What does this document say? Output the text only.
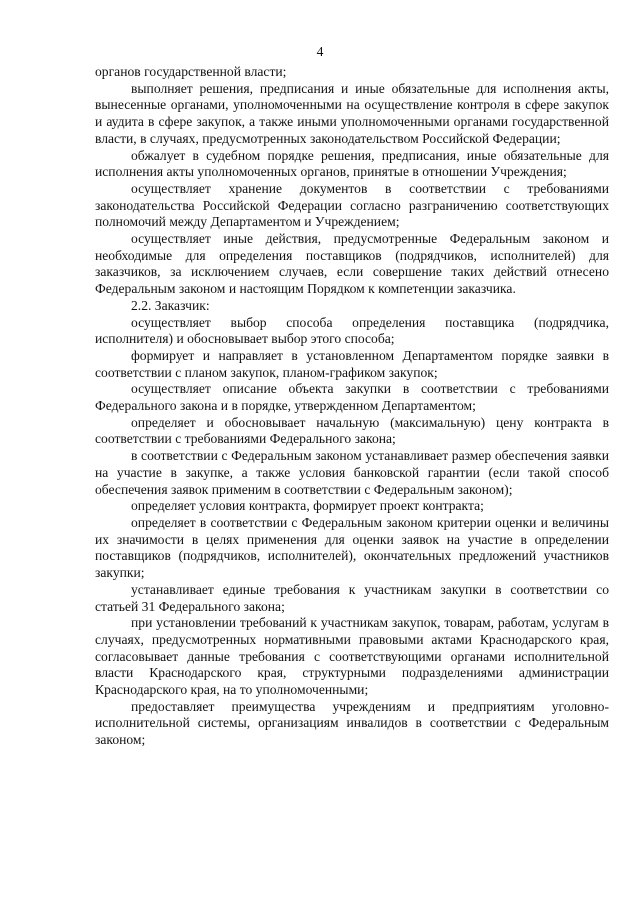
4

органов государственной власти;

выполняет решения, предписания и иные обязательные для исполнения акты, вынесенные органами, уполномоченными на осуществление контроля в сфере закупок и аудита в сфере закупок, а также иными уполномоченными органами государственной власти, в случаях, предусмотренных законодательством Российской Федерации;

обжалует в судебном порядке решения, предписания, иные обязательные для исполнения акты уполномоченных органов, принятые в отношении Учреждения;

осуществляет хранение документов в соответствии с требованиями законодательства Российской Федерации согласно разграничению соответствующих полномочий между Департаментом и Учреждением;

осуществляет иные действия, предусмотренные Федеральным законом и необходимые для определения поставщиков (подрядчиков, исполнителей) для заказчиков, за исключением случаев, если совершение таких действий отнесено Федеральным законом и настоящим Порядком к компетенции заказчика.

2.2. Заказчик:

осуществляет выбор способа определения поставщика (подрядчика, исполнителя) и обосновывает выбор этого способа;

формирует и направляет в установленном Департаментом порядке заявки в соответствии с планом закупок, планом-графиком закупок;

осуществляет описание объекта закупки в соответствии с требованиями Федерального закона и в порядке, утвержденном Департаментом;

определяет и обосновывает начальную (максимальную) цену контракта в соответствии с требованиями Федерального закона;

в соответствии с Федеральным законом устанавливает размер обеспечения заявки на участие в закупке, а также условия банковской гарантии (если такой способ обеспечения заявок применим в соответствии с Федеральным законом);

определяет условия контракта, формирует проект контракта;

определяет в соответствии с Федеральным законом критерии оценки и величины их значимости в целях применения для оценки заявок на участие в определении поставщиков (подрядчиков, исполнителей), окончательных предложений участников закупки;

устанавливает единые требования к участникам закупки в соответствии со статьей 31 Федерального закона;

при установлении требований к участникам закупок, товарам, работам, услугам в случаях, предусмотренных нормативными правовыми актами Краснодарского края, согласовывает данные требования с соответствующими органами исполнительной власти Краснодарского края, структурными подразделениями администрации Краснодарского края, на то уполномоченными;

предоставляет преимущества учреждениям и предприятиям уголовно-исполнительной системы, организациям инвалидов в соответствии с Федеральным законом;
